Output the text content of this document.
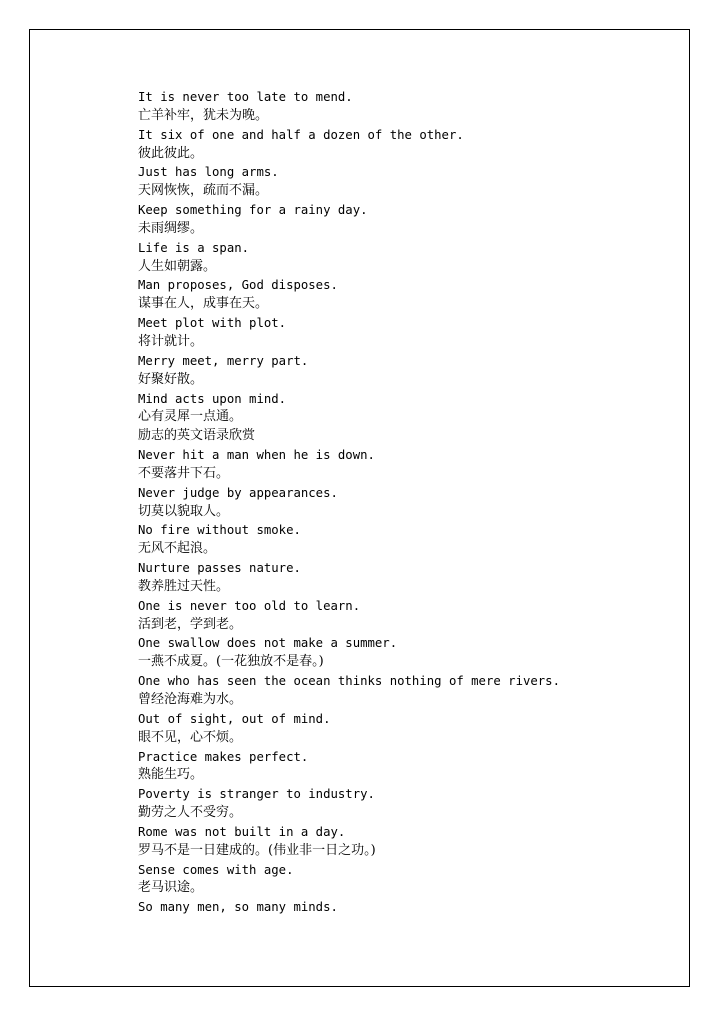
It is never too late to mend.
亡羊补牢，犹未为晚。
It six of one and half a dozen of the other.
彼此彼此。
Just has long arms.
天网恢恢，疏而不漏。
Keep something for a rainy day.
未雨绸缪。
Life is a span.
人生如朝露。
Man proposes, God disposes.
谋事在人，成事在天。
Meet plot with plot.
将计就计。
Merry meet, merry part.
好聚好散。
Mind acts upon mind.
心有灵犀一点通。
励志的英文语录欣赏
Never hit a man when he is down.
不要落井下石。
Never judge by appearances.
切莫以貌取人。
No fire without smoke.
无风不起浪。
Nurture passes nature.
教养胜过天性。
One is never too old to learn.
活到老，学到老。
One swallow does not make a summer.
一燕不成夏。(一花独放不是春。)
One who has seen the ocean thinks nothing of mere rivers.
曾经沧海难为水。
Out of sight, out of mind.
眼不见，心不烦。
Practice makes perfect.
熟能生巧。
Poverty is stranger to industry.
勤劳之人不受穷。
Rome was not built in a day.
罗马不是一日建成的。(伟业非一日之功。)
Sense comes with age.
老马识途。
So many men, so many minds.
